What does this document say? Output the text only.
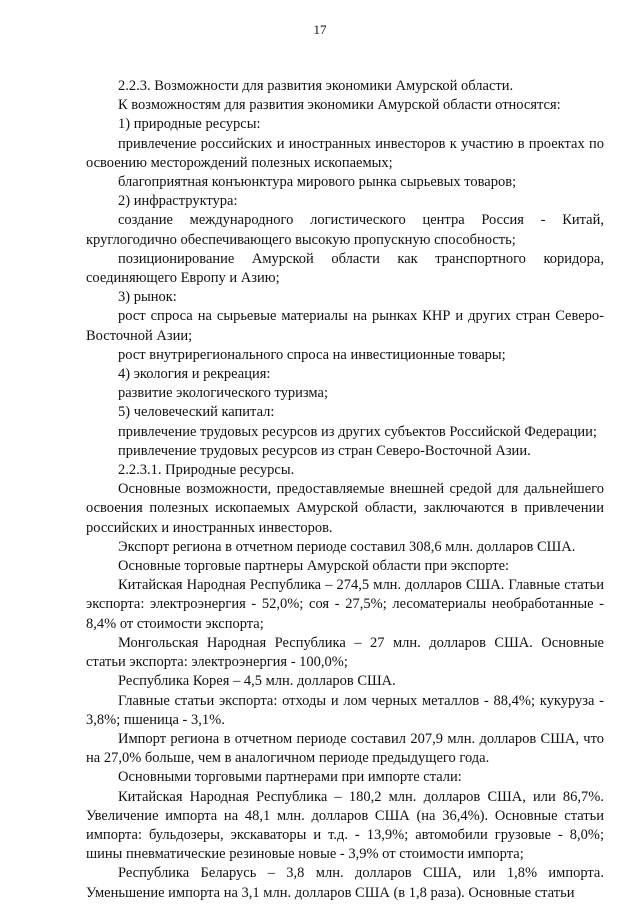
17

2.2.3. Возможности для развития экономики Амурской области.

К возможностям для развития экономики Амурской области относятся:

1) природные ресурсы:

привлечение российских и иностранных инвесторов к участию в проектах по освоению месторождений полезных ископаемых;

благоприятная конъюнктура мирового рынка сырьевых товаров;

2) инфраструктура:

создание международного логистического центра Россия - Китай, круглогодично обеспечивающего высокую пропускную способность;

позиционирование Амурской области как транспортного коридора, соединяющего Европу и Азию;

3) рынок:

рост спроса на сырьевые материалы на рынках КНР и других стран Северо-Восточной Азии;

рост внутрирегионального спроса на инвестиционные товары;

4) экология и рекреация:

развитие экологического туризма;

5) человеческий капитал:

привлечение трудовых ресурсов из других субъектов Российской Федерации;

привлечение трудовых ресурсов из стран Северо-Восточной Азии.

2.2.3.1. Природные ресурсы.

Основные возможности, предоставляемые внешней средой для дальнейшего освоения полезных ископаемых Амурской области, заключаются в привлечении российских и иностранных инвесторов.

Экспорт региона в отчетном периоде составил 308,6 млн. долларов США.

Основные торговые партнеры Амурской области при экспорте:

Китайская Народная Республика – 274,5 млн. долларов США. Главные статьи экспорта: электроэнергия - 52,0%; соя - 27,5%; лесоматериалы необработанные - 8,4% от стоимости экспорта;

Монгольская Народная Республика – 27 млн. долларов США. Основные статьи экспорта: электроэнергия - 100,0%;

Республика Корея – 4,5 млн. долларов США.

Главные статьи экспорта: отходы и лом черных металлов - 88,4%; кукуруза - 3,8%; пшеница - 3,1%.

Импорт региона в отчетном периоде составил 207,9 млн. долларов США, что на 27,0% больше, чем в аналогичном периоде предыдущего года.

Основными торговыми партнерами при импорте стали:

Китайская Народная Республика – 180,2 млн. долларов США, или 86,7%. Увеличение импорта на 48,1 млн. долларов США (на 36,4%). Основные статьи импорта: бульдозеры, экскаваторы и т.д. - 13,9%; автомобили грузовые - 8,0%; шины пневматические резиновые новые - 3,9% от стоимости импорта;

Республика Беларусь – 3,8 млн. долларов США, или 1,8% импорта. Уменьшение импорта на 3,1 млн. долларов США (в 1,8 раза). Основные статьи
